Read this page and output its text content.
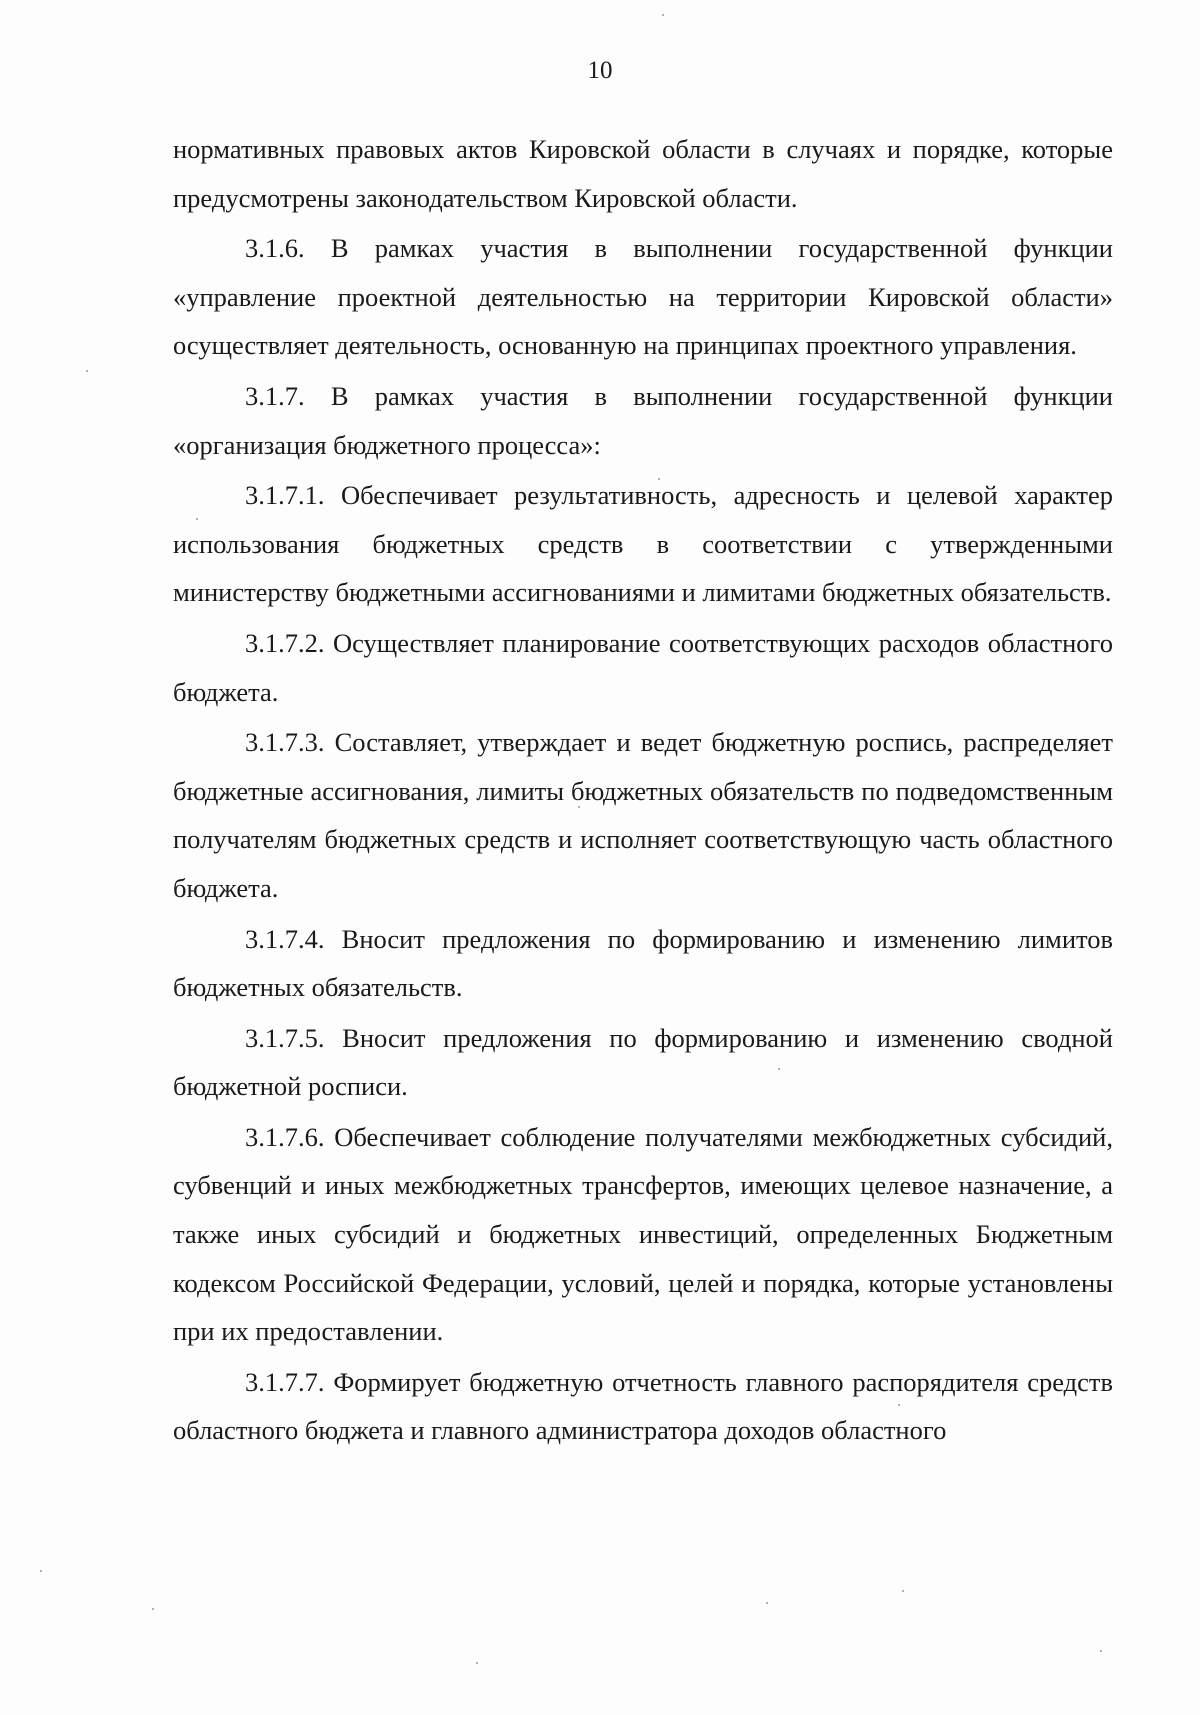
10

нормативных правовых актов Кировской области в случаях и порядке, которые предусмотрены законодательством Кировской области.

3.1.6. В рамках участия в выполнении государственной функции «управление проектной деятельностью на территории Кировской области» осуществляет деятельность, основанную на принципах проектного управления.

3.1.7. В рамках участия в выполнении государственной функции «организация бюджетного процесса»:

3.1.7.1. Обеспечивает результативность, адресность и целевой характер использования бюджетных средств в соответствии с утвержденными министерству бюджетными ассигнованиями и лимитами бюджетных обязательств.

3.1.7.2. Осуществляет планирование соответствующих расходов областного бюджета.

3.1.7.3. Составляет, утверждает и ведет бюджетную роспись, распределяет бюджетные ассигнования, лимиты бюджетных обязательств по подведомственным получателям бюджетных средств и исполняет соответствующую часть областного бюджета.

3.1.7.4. Вносит предложения по формированию и изменению лимитов бюджетных обязательств.

3.1.7.5. Вносит предложения по формированию и изменению сводной бюджетной росписи.

3.1.7.6. Обеспечивает соблюдение получателями межбюджетных субсидий, субвенций и иных межбюджетных трансфертов, имеющих целевое назначение, а также иных субсидий и бюджетных инвестиций, определенных Бюджетным кодексом Российской Федерации, условий, целей и порядка, которые установлены при их предоставлении.

3.1.7.7. Формирует бюджетную отчетность главного распорядителя средств областного бюджета и главного администратора доходов областного
